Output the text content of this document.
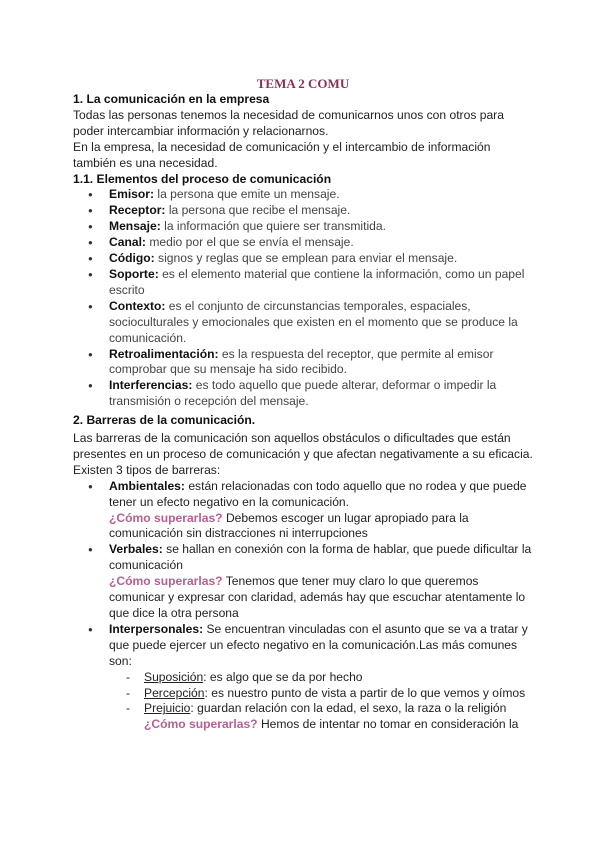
TEMA 2 COMU

1. La comunicación en la empresa

Todas las personas tenemos la necesidad de comunicarnos unos con otros para poder intercambiar información y relacionarnos.

En la empresa, la necesidad de comunicación y el intercambio de información también es una necesidad.

1.1. Elementos del proceso de comunicación

● Emisor: la persona que emite un mensaje.
● Receptor: la persona que recibe el mensaje.
● Mensaje: la información que quiere ser transmitida.
● Canal: medio por el que se envía el mensaje.
● Código: signos y reglas que se emplean para enviar el mensaje.
● Soporte: es el elemento material que contiene la información, como un papel escrito
● Contexto: es el conjunto de circunstancias temporales, espaciales, socioculturales y emocionales que existen en el momento que se produce la comunicación.
● Retroalimentación: es la respuesta del receptor, que permite al emisor comprobar que su mensaje ha sido recibido.
● Interferencias: es todo aquello que puede alterar, deformar o impedir la transmisión o recepción del mensaje.

2. Barreras de la comunicación.

Las barreras de la comunicación son aquellos obstáculos o dificultades que están presentes en un proceso de comunicación y que afectan negativamente a su eficacia.

Existen 3 tipos de barreras:

● Ambientales: están relacionadas con todo aquello que no rodea y que puede tener un efecto negativo en la comunicación.
¿Cómo superarlas? Debemos escoger un lugar apropiado para la comunicación sin distracciones ni interrupciones
● Verbales: se hallan en conexión con la forma de hablar, que puede dificultar la comunicación
¿Cómo superarlas? Tenemos que tener muy claro lo que queremos comunicar y expresar con claridad, además hay que escuchar atentamente lo que dice la otra persona
● Interpersonales: Se encuentran vinculadas con el asunto que se va a tratar y que puede ejercer un efecto negativo en la comunicación.Las más comunes son:
- Suposición: es algo que se da por hecho
- Percepción: es nuestro punto de vista a partir de lo que vemos y oímos
- Prejuicio: guardan relación con la edad, el sexo, la raza o la religión
¿Cómo superarlas? Hemos de intentar no tomar en consideración la
